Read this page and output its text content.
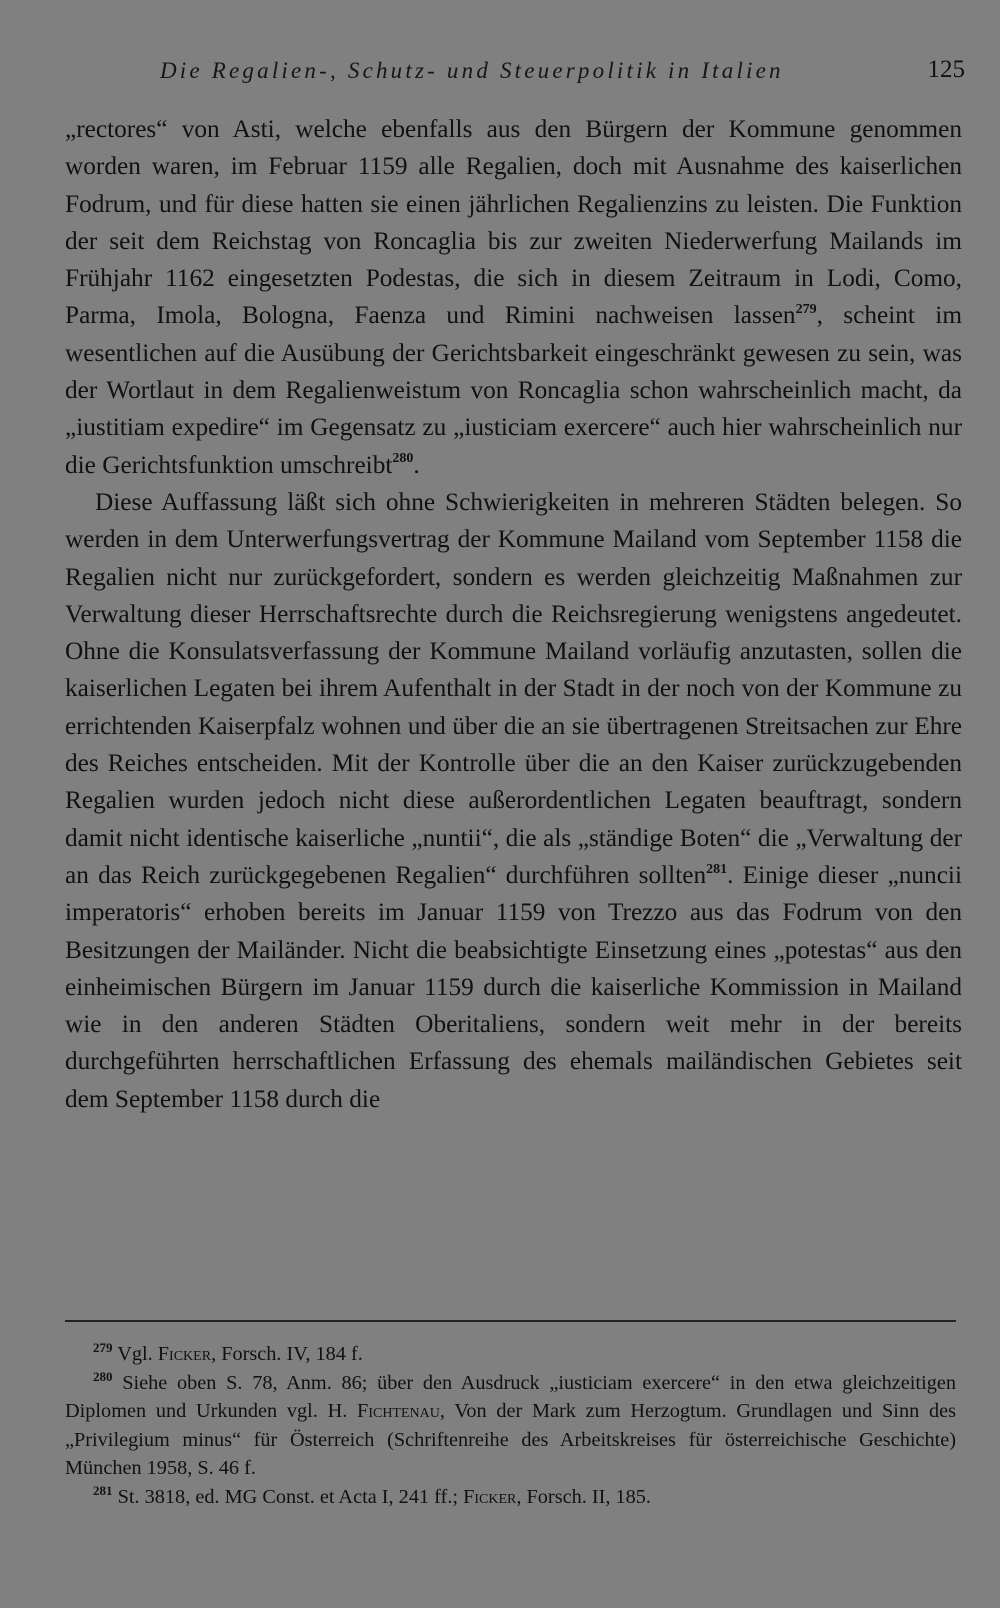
Die Regalien-, Schutz- und Steuerpolitik in Italien	125

„rectores“ von Asti, welche ebenfalls aus den Bürgern der Kommune genommen worden waren, im Februar 1159 alle Regalien, doch mit Ausnahme des kaiserlichen Fodrum, und für diese hatten sie einen jährlichen Regalienzins zu leisten. Die Funktion der seit dem Reichstag von Roncaglia bis zur zweiten Niederwerfung Mailands im Frühjahr 1162 eingesetzten Podestas, die sich in diesem Zeitraum in Lodi, Como, Parma, Imola, Bologna, Faenza und Rimini nachweisen lassen$^{279}$, scheint im wesentlichen auf die Ausübung der Gerichtsbarkeit eingeschränkt gewesen zu sein, was der Wortlaut in dem Regalienweistum von Roncaglia schon wahrscheinlich macht, da „iustitiam expedire“ im Gegensatz zu „iusticiam exercere“ auch hier wahrscheinlich nur die Gerichtsfunktion umschreibt$^{280}$.

Diese Auffassung läßt sich ohne Schwierigkeiten in mehreren Städten belegen. So werden in dem Unterwerfungsvertrag der Kommune Mailand vom September 1158 die Regalien nicht nur zurückgefordert, sondern es werden gleichzeitig Maßnahmen zur Verwaltung dieser Herrschaftsrechte durch die Reichsregierung wenigstens angedeutet. Ohne die Konsulatsverfassung der Kommune Mailand vorläufig anzutasten, sollen die kaiserlichen Legaten bei ihrem Aufenthalt in der Stadt in der noch von der Kommune zu errichtenden Kaiserpfalz wohnen und über die an sie übertragenen Streitsachen zur Ehre des Reiches entscheiden. Mit der Kontrolle über die an den Kaiser zurückzugebenden Regalien wurden jedoch nicht diese außerordentlichen Legaten beauftragt, sondern damit nicht identische kaiserliche „nuntii“, die als „ständige Boten“ die „Verwaltung der an das Reich zurückgegebenen Regalien“ durchführen sollten$^{281}$. Einige dieser „nuncii imperatoris“ erhoben bereits im Januar 1159 von Trezzo aus das Fodrum von den Besitzungen der Mailänder. Nicht die beabsichtigte Einsetzung eines „potestas“ aus den einheimischen Bürgern im Januar 1159 durch die kaiserliche Kommission in Mailand wie in den anderen Städten Oberitaliens, sondern weit mehr in der bereits durchgeführten herrschaftlichen Erfassung des ehemals mailändischen Gebietes seit dem September 1158 durch die

$^{279}$ Vgl. Ficker, Forsch. IV, 184 f.

$^{280}$ Siehe oben S. 78, Anm. 86; über den Ausdruck „iusticiam exercere“ in den etwa gleichzeitigen Diplomen und Urkunden vgl. H. Fichtenau, Von der Mark zum Herzogtum. Grundlagen und Sinn des „Privilegium minus“ für Österreich (Schriftenreihe des Arbeitskreises für österreichische Geschichte) München 1958, S. 46 f.

$^{281}$ St. 3818, ed. MG Const. et Acta I, 241 ff.; Ficker, Forsch. II, 185.
